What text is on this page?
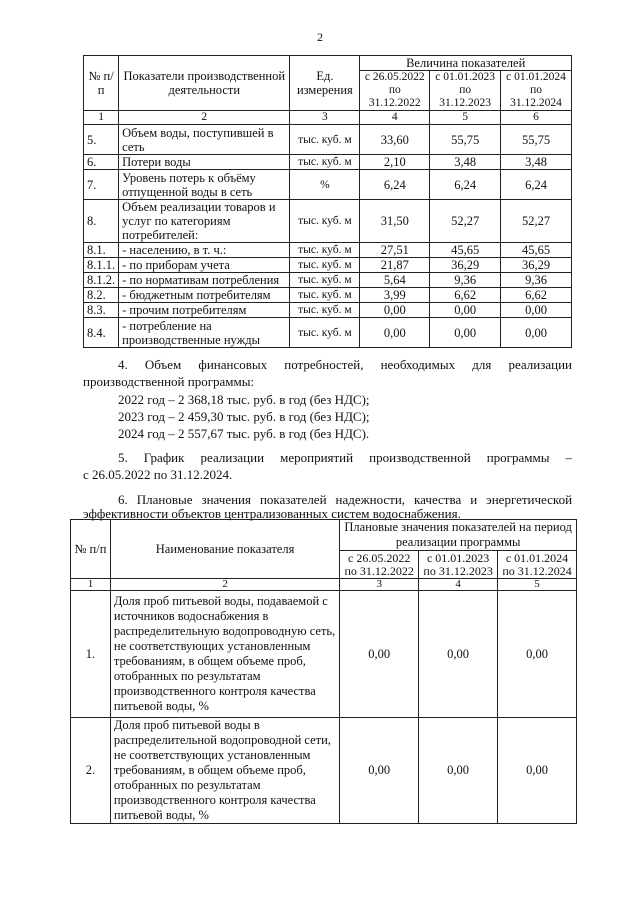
2
№ п/п	Показатели производственной деятельности	Ед. измерения	Величина показателей		
			с 26.05.2022 по 31.12.2022	с 01.01.2023 по 31.12.2023	с 01.01.2024 по 31.12.2024
1	2	3	4	5	6
5.	Объем воды, поступившей в сеть	тыс. куб. м	33,60	55,75	55,75
6.	Потери воды	тыс. куб. м	2,10	3,48	3,48
7.	Уровень потерь к объёму отпущенной воды в сеть	%	6,24	6,24	6,24
8.	Объем реализации товаров и услуг по категориям потребителей:	тыс. куб. м	31,50	52,27	52,27
8.1.	- населению, в т. ч.:	тыс. куб. м	27,51	45,65	45,65
8.1.1.	- по приборам учета	тыс. куб. м	21,87	36,29	36,29
8.1.2.	- по нормативам потребления	тыс. куб. м	5,64	9,36	9,36
8.2.	- бюджетным потребителям	тыс. куб. м	3,99	6,62	6,62
8.3.	- прочим потребителям	тыс. куб. м	0,00	0,00	0,00
8.4.	- потребление на производственные нужды	тыс. куб. м	0,00	0,00	0,00
4. Объем финансовых потребностей, необходимых для реализации
производственной программы:
2022 год – 2 368,18 тыс. руб. в год (без НДС);
2023 год – 2 459,30 тыс. руб. в год (без НДС);
2024 год – 2 557,67 тыс. руб. в год (без НДС).
5. График реализации мероприятий производственной программы –
с 26.05.2022 по 31.12.2024.
6. Плановые значения показателей надежности, качества и энергетической
эффективности объектов централизованных систем водоснабжения.
№ п/п	Наименование показателя	Плановые значения показателей на период реализации программы		
		с 26.05.2022 по 31.12.2022	с 01.01.2023 по 31.12.2023	с 01.01.2024 по 31.12.2024
1	2	3	4	5
1.	Доля проб питьевой воды, подаваемой с источников водоснабжения в распределительную водопроводную сеть, не соответствующих установленным требованиям, в общем объеме проб, отобранных по результатам производственного контроля качества питьевой воды, %	0,00	0,00	0,00
2.	Доля проб питьевой воды в распределительной водопроводной сети, не соответствующих установленным требованиям, в общем объеме проб, отобранных по результатам производственного контроля качества питьевой воды, %	0,00	0,00	0,00
